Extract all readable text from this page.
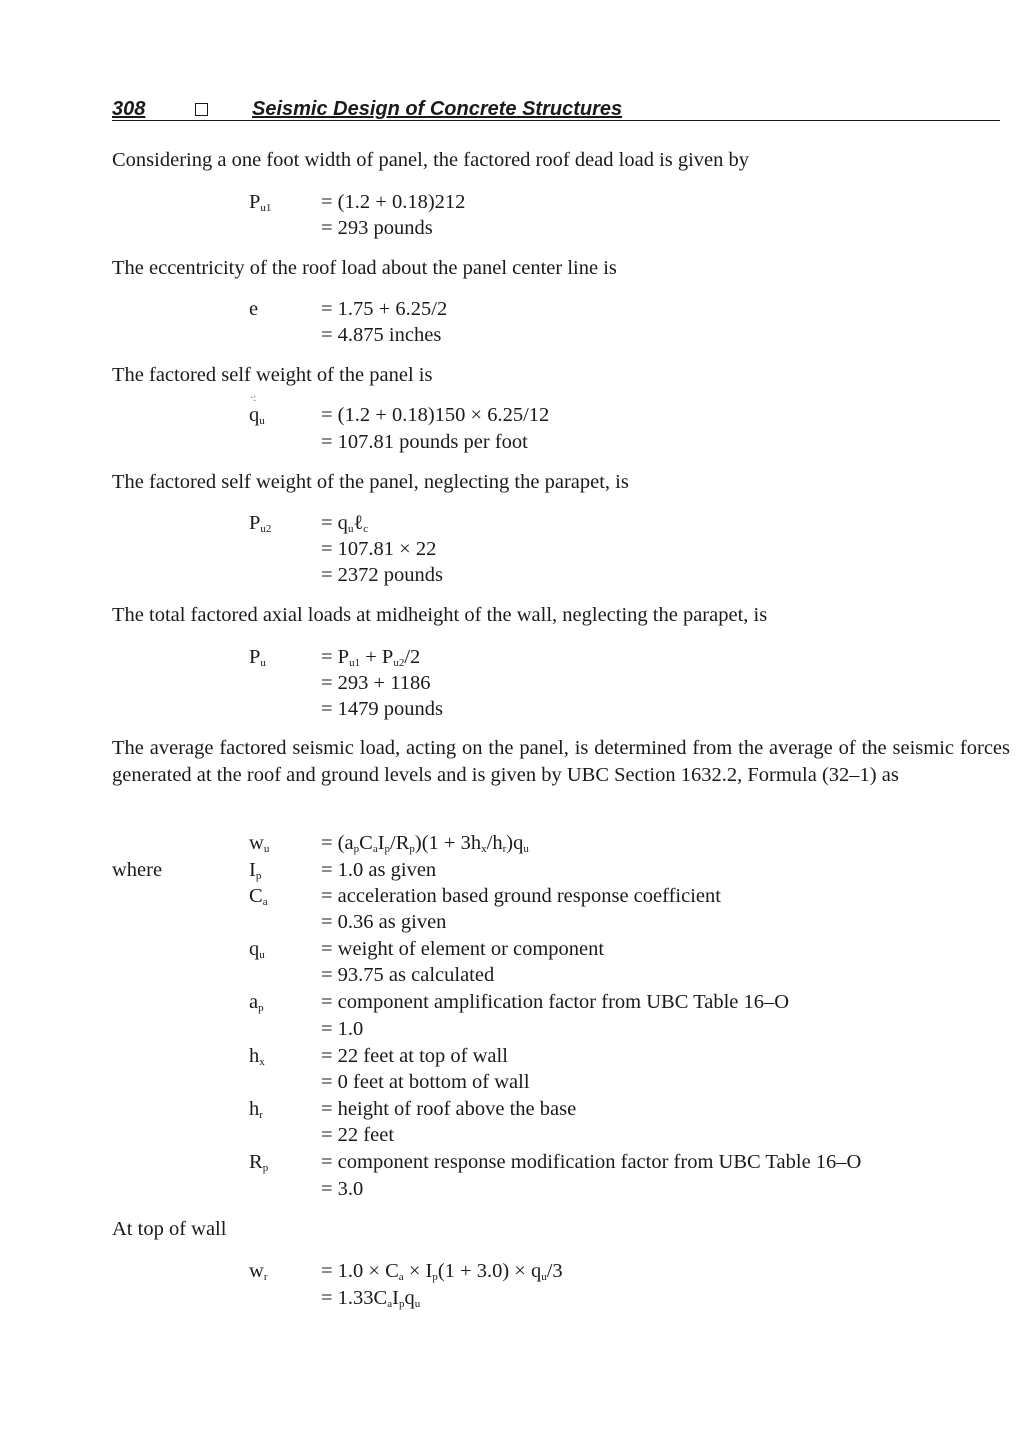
308	Seismic Design of Concrete Structures

Considering a one foot width of panel, the factored roof dead load is given by

$P_{u1} = (1.2 + 0.18)212$
= 293 pounds

The eccentricity of the roof load about the panel center line is

e	= 1.75 + 6.25/2
= 4.875 inches

The factored self weight of the panel is

·:
$q_u$	= (1.2 + 0.18)150 × 6.25/12
= 107.81 pounds per foot

The factored self weight of the panel, neglecting the parapet, is

$P_{u2}$ = $q_u\ell_c$
= 107.81 × 22
= 2372 pounds

The total factored axial loads at midheight of the wall, neglecting the parapet, is

$P_u$	= $P_{u1} + P_{u2}/2$
= 293 + 1186
= 1479 pounds

The average factored seismic load, acting on the panel, is determined from the average of the seismic forces generated at the roof and ground levels and is given by UBC Section 1632.2, Formula (32–1) as

$w_u$	= $(a_pC_aI_p/R_p)(1 + 3h_x/h_r)q_u$
where	$I_p$	= 1.0 as given
$C_a$	= acceleration based ground response coefficient
= 0.36 as given
$q_u$	= weight of element or component
= 93.75 as calculated
$a_p$	= component amplification factor from UBC Table 16–O
= 1.0
$h_x$	= 22 feet at top of wall
= 0 feet at bottom of wall
$h_r$	= height of roof above the base
= 22 feet
$R_p$	= component response modification factor from UBC Table 16–O
= 3.0

At top of wall

$w_r$	= $1.0 \times C_a \times I_p(1 + 3.0) \times q_u/3$
= $1.33C_aI_pq_u$
